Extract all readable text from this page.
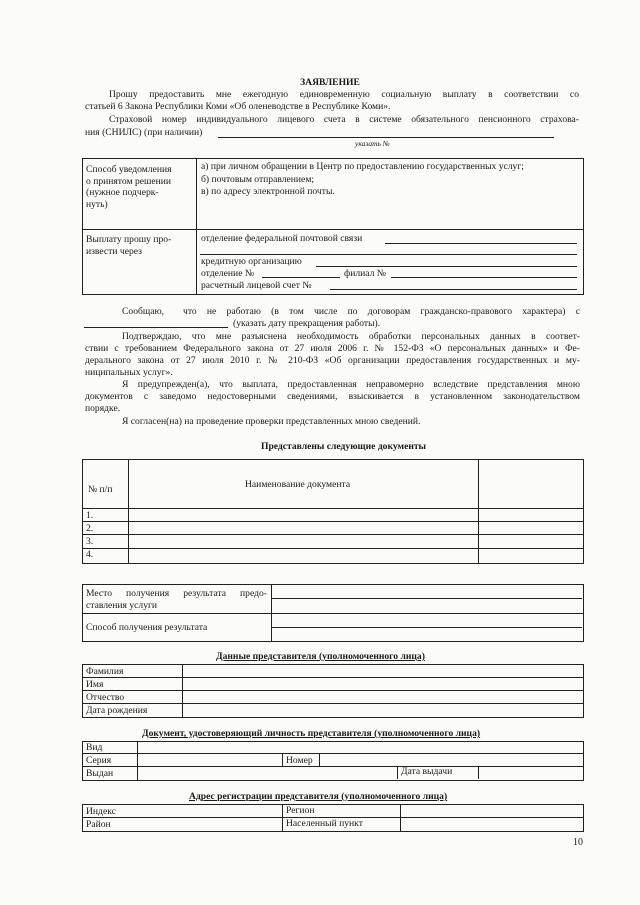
ЗАЯВЛЕНИЕ
Прошу предоставить мне ежегодную единовременную социальную выплату в соответствии со
статьей 6 Закона Республики Коми «Об оленеводстве в Республике Коми».
Страховой номер индивидуального лицевого счета в системе обязательного пенсионного страхова-
ния (СНИЛС) (при наличии)
указать №
Способ уведомления
о принятом решении
(нужное подчерк-
нуть)
а) при личном обращении в Центр по предоставлению государственных услуг;
б) почтовым отправлением;
в) по адресу электронной почты.
Выплату прошу про-
извести через
отделение федеральной почтовой связи
кредитную организацию
отделение №	филиал №
расчетный лицевой счет №
Сообщаю, что не работаю (в том числе по договорам гражданско-правового характера) с
(указать дату прекращения работы).
Подтверждаю, что мне разъяснена необходимость обработки персональных данных в соответ-
ствии с требованием Федерального закона от 27 июля 2006 г. № 152-ФЗ «О персональных данных» и Фе-
дерального закона от 27 июля 2010 г. № 210-ФЗ «Об организации предоставления государственных и му-
ниципальных услуг».
Я предупрежден(а), что выплата, предоставленная неправомерно вследствие представления мною
документов с заведомо недостоверными сведениями, взыскивается в установленном законодательством
порядке.
Я согласен(на) на проведение проверки представленных мною сведений.
Представлены следующие документы
№ п/п	Наименование документа
1.
2.
3.
4.
Место получения результата предо-
ставления услуги
Способ получения результата
Данные представителя (уполномоченного лица)
Фамилия
Имя
Отчество
Дата рождения
Документ, удостоверяющий личность представителя (уполномоченного лица)
Вид
Серия	Номер
Выдан	Дата выдачи
Адрес регистрации представителя (уполномоченного лица)
Индекс	Регион
Район	Населенный пункт
10
